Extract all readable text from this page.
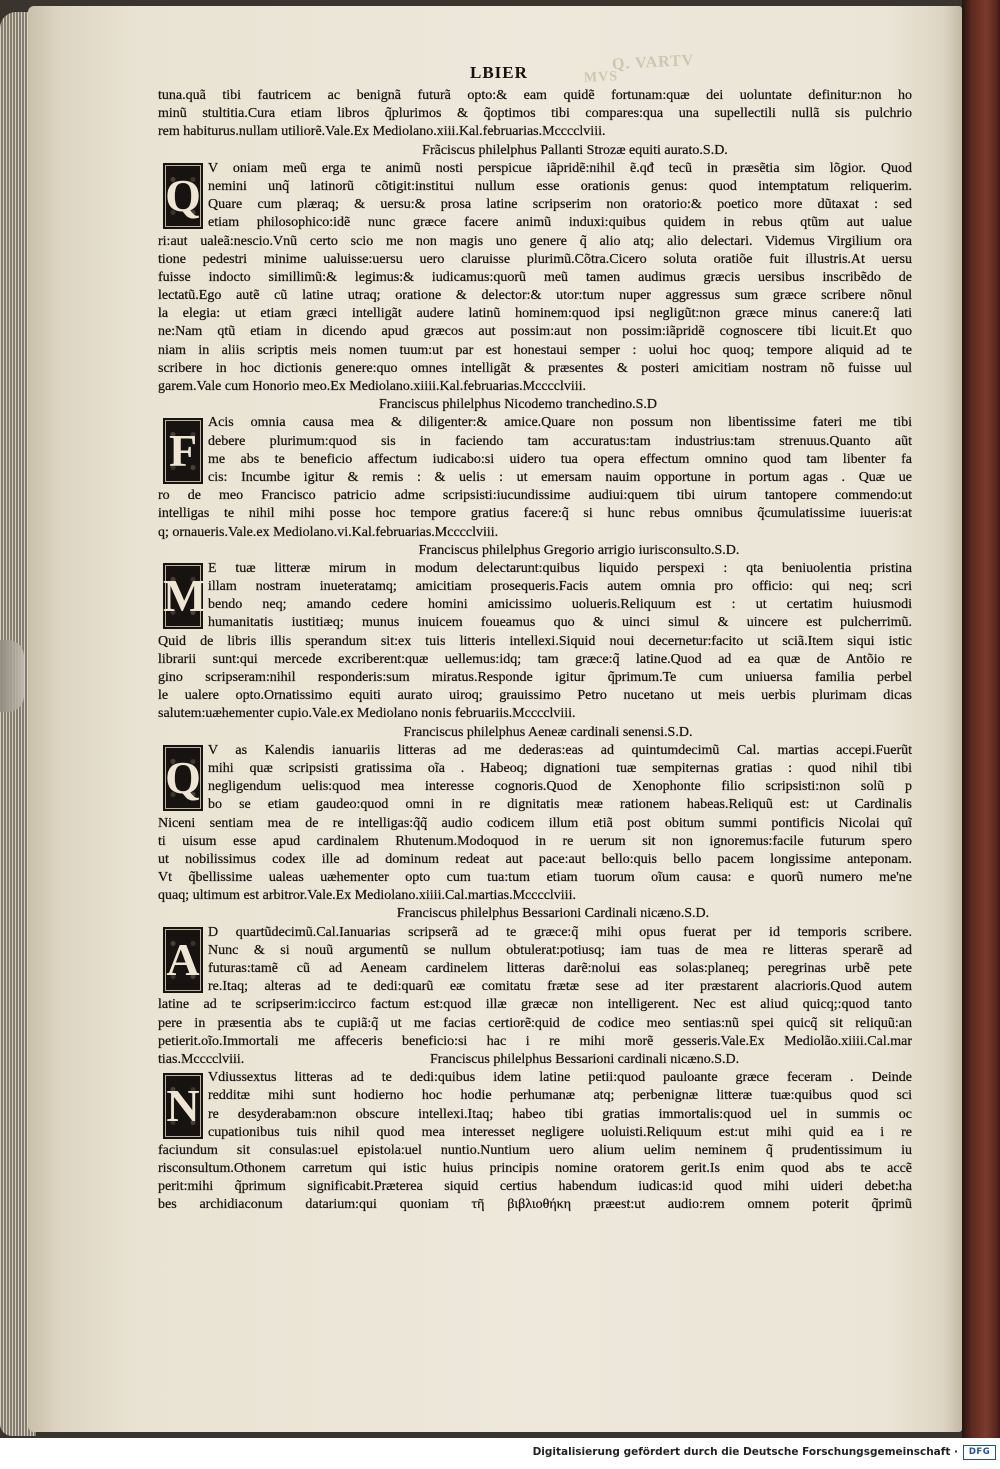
Q. VARTV
MVS
LBIER
tuna.quã tibi fautricem ac benignã futurã opto:& eam quidẽ fortunam:quæ dei uoluntate definitur:non ho
minũ stultitia.Cura etiam libros q̃plurimos & q̃optimos tibi compares:qua una supellectili nullã sis pulchrio
rem habiturus.nullam utiliorẽ.Vale.Ex Mediolano.xiii.Kal.februarias.Mcccclviii.
Frãciscus philelphus Pallanti Strozæ equiti aurato.S.D.
V oniam meũ erga te animũ nosti perspicue iãpridẽ:nihil ẽ.qđ tecũ in præsẽtia sim lõgior. Quod
nemini unq̃ latinorũ cõtigit:institui nullum esse orationis genus: quod intemptatum reliquerim.
Quare cum plæraq; & uersu:& prosa latine scripserim non oratorio:& poetico more dũtaxat : sed
etiam philosophico:idẽ nunc græce facere animũ induxi:quibus quidem in rebus qtũm aut ualue
ri:aut ualeã:nescio.Vnũ certo scio me non magis uno genere q̃ alio atq; alio delectari. Videmus Virgilium ora
tione pedestri minime ualuisse:uersu uero claruisse plurimũ.Cõtra.Cicero soluta oratiõe fuit illustris.At uersu
fuisse indocto simillimũ:& legimus:& iudicamus:quorũ meũ tamen audimus græcis uersibus inscribẽdo de
lectatũ.Ego autẽ cũ latine utraq; oratione & delector:& utor:tum nuper aggressus sum græce scribere nõnul
la elegia: ut etiam græci intelligãt audere latinũ hominem:quod ipsi negligũt:non græce minus canere:q̃ lati
ne:Nam qtũ etiam in dicendo apud græcos aut possim:aut non possim:iãpridẽ cognoscere tibi licuit.Et quo
niam in aliis scriptis meis nomen tuum:ut par est honestaui semper : uolui hoc quoq; tempore aliquid ad te
scribere in hoc dictionis genere:quo omnes intelligãt & præsentes & posteri amicitiam nostram nõ fuisse uul
garem.Vale cum Honorio meo.Ex Mediolano.xiiii.Kal.februarias.Mcccclviii.
Franciscus philelphus Nicodemo tranchedino.S.D
Acis omnia causa mea & diligenter:& amice.Quare non possum non libentissime fateri me tibi
debere plurimum:quod sis in faciendo tam accuratus:tam industrius:tam strenuus.Quanto aũt
me abs te beneficio affectum iudicabo:si uidero tua opera effectum omnino quod tam libenter fa
cis: Incumbe igitur & remis : & uelis : ut emersam nauim opportune in portum agas . Quæ ue
ro de meo Francisco patricio adme scripsisti:iucundissime audiui:quem tibi uirum tantopere commendo:ut
intelligas te nihil mihi posse hoc tempore gratius facere:q̃ si hunc rebus omnibus q̃cumulatissime iuueris:at
q; ornaueris.Vale.ex Mediolano.vi.Kal.februarias.Mcccclviii.
Franciscus philelphus Gregorio arrigio iurisconsulto.S.D.
E tuæ litteræ mirum in modum delectarunt:quibus liquido perspexi : qta beniuolentia pristina
illam nostram inueteratamq; amicitiam prosequeris.Facis autem omnia pro officio: qui neq; scri
bendo neq; amando cedere homini amicissimo uolueris.Reliquum est : ut certatim huiusmodi
humanitatis iustitiæq; munus inuicem foueamus quo & uinci simul & uincere est pulcherrimũ.
Quid de libris illis sperandum sit:ex tuis litteris intellexi.Siquid noui decernetur:facito ut sciã.Item siqui istic
librarii sunt:qui mercede excriberent:quæ uellemus:idq; tam græce:q̃ latine.Quod ad ea quæ de Antõio re
gino scripseram:nihil responderis:sum miratus.Responde igitur q̃primum.Te cum uniuersa familia perbel
le ualere opto.Ornatissimo equiti aurato uiroq; grauissimo Petro nucetano ut meis uerbis plurimam dicas
salutem:uæhementer cupio.Vale.ex Mediolano nonis februariis.Mcccclviii.
Franciscus philelphus Aeneæ cardinali senensi.S.D.
V as Kalendis ianuariis litteras ad me dederas:eas ad quintumdecimũ Cal. martias accepi.Fuerũt
mihi quæ scripsisti gratissima oĩa . Habeoq; dignationi tuæ sempiternas gratias : quod nihil tibi
negligendum uelis:quod mea interesse cognoris.Quod de Xenophonte filio scripsisti:non solũ p
bo se etiam gaudeo:quod omni in re dignitatis meæ rationem habeas.Reliquũ est: ut Cardinalis
Niceni sentiam mea de re intelligas:q̃q̃ audio codicem illum etiã post obitum summi pontificis Nicolai quĩ
ti uisum esse apud cardinalem Rhutenum.Modoquod in re uerum sit non ignoremus:facile futurum spero
ut nobilissimus codex ille ad dominum redeat aut pace:aut bello:quis bello pacem longissime anteponam.
Vt q̃bellissime ualeas uæhementer opto cum tua:tum etiam tuorum oĩum causa: e quorũ numero me'ne
quaq; ultimum est arbitror.Vale.Ex Mediolano.xiiii.Cal.martias.Mcccclviii.
Franciscus philelphus Bessarioni Cardinali nicæno.S.D.
D quartũdecimũ.Cal.Ianuarias scripserã ad te græce:q̃ mihi opus fuerat per id temporis scribere.
Nunc & si nouũ argumentũ se nullum obtulerat:potiusq; iam tuas de mea re litteras sperarẽ ad
futuras:tamẽ cũ ad Aeneam cardinelem litteras darẽ:nolui eas solas:planeq; peregrinas urbẽ pete
re.Itaq; alteras ad te dedi:quarũ eæ comitatu frætæ sese ad iter præstarent alacrioris.Quod autem
latine ad te scripserim:iccirco factum est:quod illæ græcæ non intelligerent. Nec est aliud quicq;:quod tanto
pere in præsentia abs te cupiã:q̃ ut me facias certiorẽ:quid de codice meo sentias:nũ spei quicq̃ sit reliquũ:an
petierit.oĩo.Immortali me affeceris beneficio:si hac i re mihi morẽ gesseris.Vale.Ex Mediolão.xiiii.Cal.mar
tias.Mcccclviii.	Franciscus philelphus Bessarioni cardinali nicæno.S.D.
Vdiussextus litteras ad te dedi:quibus idem latine petii:quod pauloante græce feceram . Deinde
redditæ mihi sunt hodierno hoc hodie perhumanæ atq; perbenignæ litteræ tuæ:quibus quod sci
re desyderabam:non obscure intellexi.Itaq; habeo tibi gratias immortalis:quod uel in summis oc
cupationibus tuis nihil quod mea interesset negligere uoluisti.Reliquum est:ut mihi quid ea i re
faciundum sit consulas:uel epistola:uel nuntio.Nuntium uero alium uelim neminem q̃ prudentissimum iu
risconsultum.Othonem carretum qui istic huius principis nomine oratorem gerit.Is enim quod abs te accẽ
perit:mihi q̃primum significabit.Præterea siquid certius habendum iudicas:id quod mihi uideri debet:ha
bes archidiaconum datarium:qui quoniam τῆ βιβλιοθήκη præest:ut audio:rem omnem poterit q̃primũ
Q
F
M
Q
A
N
Digitalisierung gefördert durch die Deutsche Forschungsgemeinschaft ·	DFG
